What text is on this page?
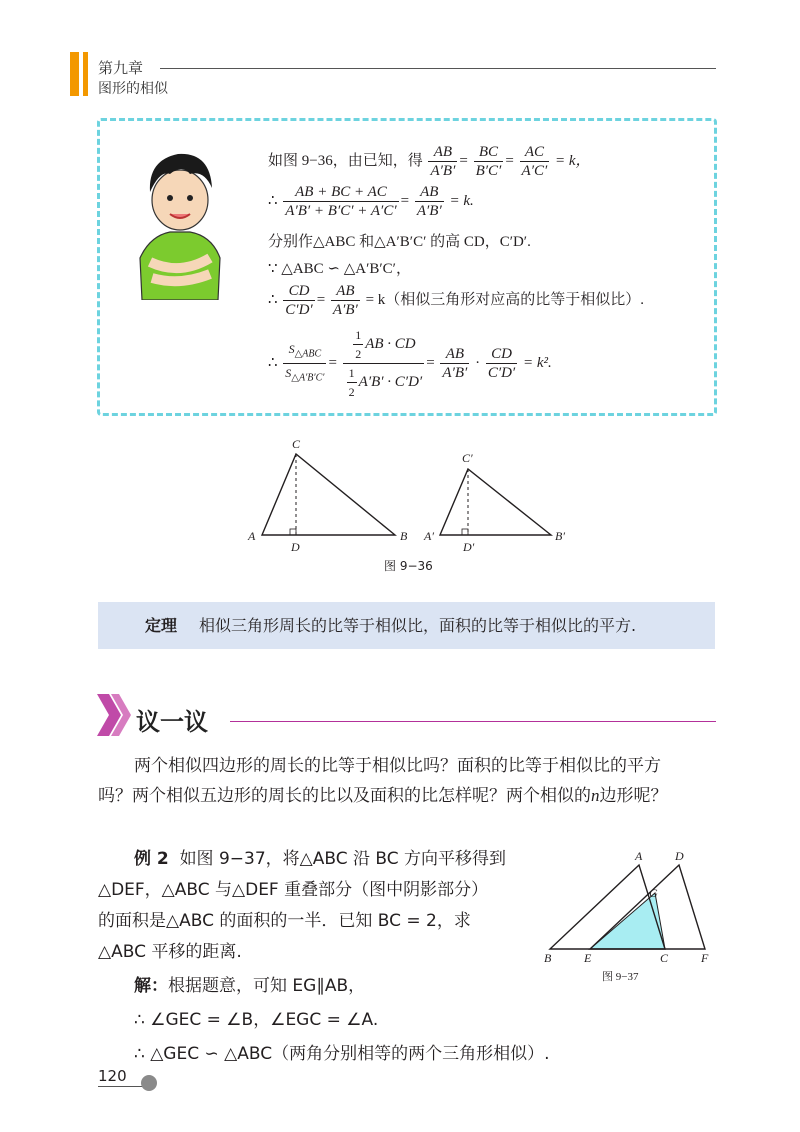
第九章
图形的相似
如图 9−36，由已知，得 $\frac{AB}{A'B'} = \frac{BC}{B'C'} = \frac{AC}{A'C'} = k$，
∴ $\frac{AB + BC + AC}{A'B' + B'C' + A'C'} = \frac{AB}{A'B'} = k$.
分别作△ABC 和△A′B′C′ 的高 CD，C′D′.
∵ △ABC ∽ △A′B′C′，
∴ $\frac{CD}{C'D'} = \frac{AB}{A'B'} = k$（相似三角形对应高的比等于相似比）.
∴ $\frac{S_{\triangle ABC}}{S_{\triangle A'B'C'}} = \frac{\frac{1}{2} AB \cdot CD}{\frac{1}{2} A'B' \cdot C'D'} = \frac{AB}{A'B'} \cdot \frac{CD}{C'D'} = k^2$.
C
A
D
B
C′
A′
D′
B′
图 9−36
定理 相似三角形周长的比等于相似比，面积的比等于相似比的平方.
议一议
两个相似四边形的周长的比等于相似比吗？面积的比等于相似比的平方
吗？两个相似五边形的周长的比以及面积的比怎样呢？两个相似的n边形呢？
例 2 如图 9−37，将△ABC 沿 BC 方向平移得到
△DEF，△ABC 与△DEF 重叠部分（图中阴影部分）
的面积是△ABC 的面积的一半．已知 BC = 2，求
△ABC 平移的距离.
解：根据题意，可知 EG∥AB，
∴ ∠GEC = ∠B，∠EGC = ∠A.
∴ △GEC ∽ △ABC（两角分别相等的两个三角形相似）.
A	D
G
B	E	C	F
图 9−37
120
